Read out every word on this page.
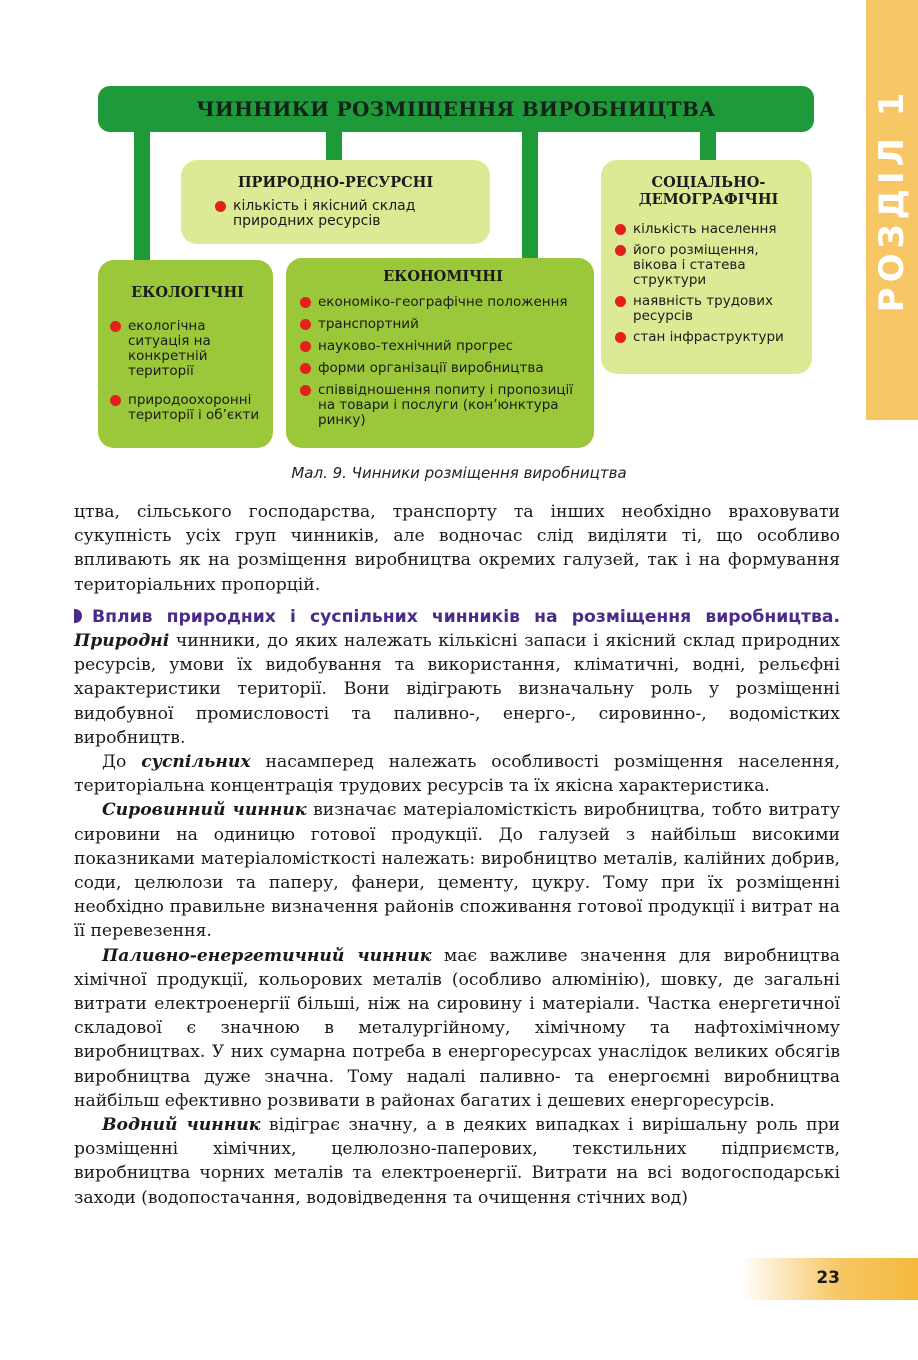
РОЗДІЛ 1
ЧИННИКИ РОЗМІЩЕННЯ ВИРОБНИЦТВА
ПРИРОДНО-РЕСУРСНІ
кількість і якісний склад природних ресурсів
СОЦІАЛЬНО-ДЕМОГРАФІЧНІ
кількість населення
його розміщення, вікова і статева структури
наявність трудових ресурсів
стан інфраструктури
ЕКОЛОГІЧНІ
екологічна ситуація на конкретній території
природоохоронні території і об’єкти
ЕКОНОМІЧНІ
економіко-географічне положення
транспортний
науково-технічний прогрес
форми організації виробництва
співвідношення попиту і пропозиції на товари і послуги (кон’юнктура ринку)
Мал. 9. Чинники розміщення виробництва

цтва, сільського господарства, транспорту та інших необхідно враховувати сукупність усіх груп чинників, але водночас слід виділяти ті, що особливо впливають як на розміщення виробництва окремих галузей, так і на формування територіальних пропорцій.

Вплив природних і суспільних чинників на розміщення виробництва. Природні чинники, до яких належать кількісні запаси і якісний склад природних ресурсів, умови їх видобування та використання, кліматичні, водні, рельєфні характеристики території. Вони відіграють визначальну роль у розміщенні видобувної промисловості та паливно-, енерго-, сировинно-, водомістких виробництв.

До суспільних насамперед належать особливості розміщення населення, територіальна концентрація трудових ресурсів та їх якісна характеристика.

Сировинний чинник визначає матеріаломісткість виробництва, тобто витрату сировини на одиницю готової продукції. До галузей з найбільш високими показниками матеріаломісткості належать: виробництво металів, калійних добрив, соди, целюлози та паперу, фанери, цементу, цукру. Тому при їх розміщенні необхідно правильне визначення районів споживання готової продукції і витрат на її перевезення.

Паливно-енергетичний чинник має важливе значення для виробництва хімічної продукції, кольорових металів (особливо алюмінію), шовку, де загальні витрати електроенергії більші, ніж на сировину і матеріали. Частка енергетичної складової є значною в металургійному, хімічному та нафтохімічному виробництвах. У них сумарна потреба в енергоресурсах унаслідок великих обсягів виробництва дуже значна. Тому надалі паливно- та енергоємні виробництва найбільш ефективно розвивати в районах багатих і дешевих енергоресурсів.

Водний чинник відіграє значну, а в деяких випадках і вирішальну роль при розміщенні хімічних, целюлозно-паперових, текстильних підприємств, виробництва чорних металів та електроенергії. Витрати на всі водогосподарські заходи (водопостачання, водовідведення та очищення стічних вод)

23
